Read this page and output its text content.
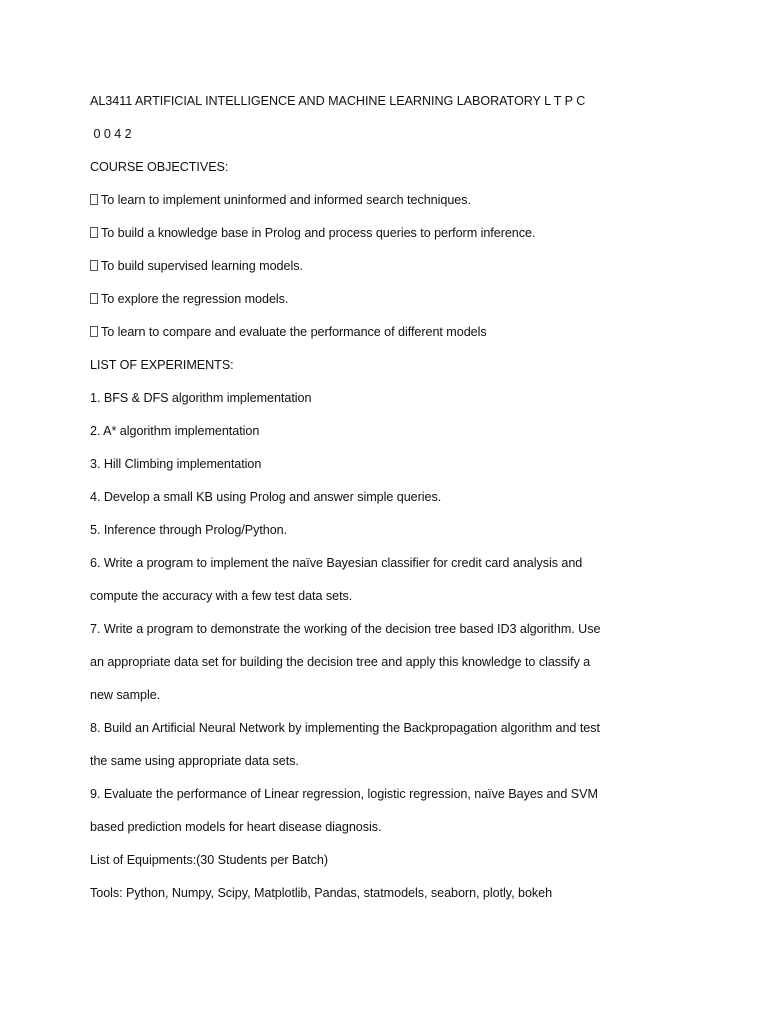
AL3411 ARTIFICIAL INTELLIGENCE AND MACHINE LEARNING LABORATORY L T P C
0 0 4 2
COURSE OBJECTIVES:
To learn to implement uninformed and informed search techniques.
To build a knowledge base in Prolog and process queries to perform inference.
To build supervised learning models.
To explore the regression models.
To learn to compare and evaluate the performance of different models
LIST OF EXPERIMENTS:
1. BFS & DFS algorithm implementation
2. A* algorithm implementation
3. Hill Climbing implementation
4. Develop a small KB using Prolog and answer simple queries.
5. Inference through Prolog/Python.
6. Write a program to implement the naïve Bayesian classifier for credit card analysis and
compute the accuracy with a few test data sets.
7. Write a program to demonstrate the working of the decision tree based ID3 algorithm. Use
an appropriate data set for building the decision tree and apply this knowledge to classify a
new sample.
8. Build an Artificial Neural Network by implementing the Backpropagation algorithm and test
the same using appropriate data sets.
9. Evaluate the performance of Linear regression, logistic regression, naïve Bayes and SVM
based prediction models for heart disease diagnosis.
List of Equipments:(30 Students per Batch)
Tools: Python, Numpy, Scipy, Matplotlib, Pandas, statmodels, seaborn, plotly, bokeh
